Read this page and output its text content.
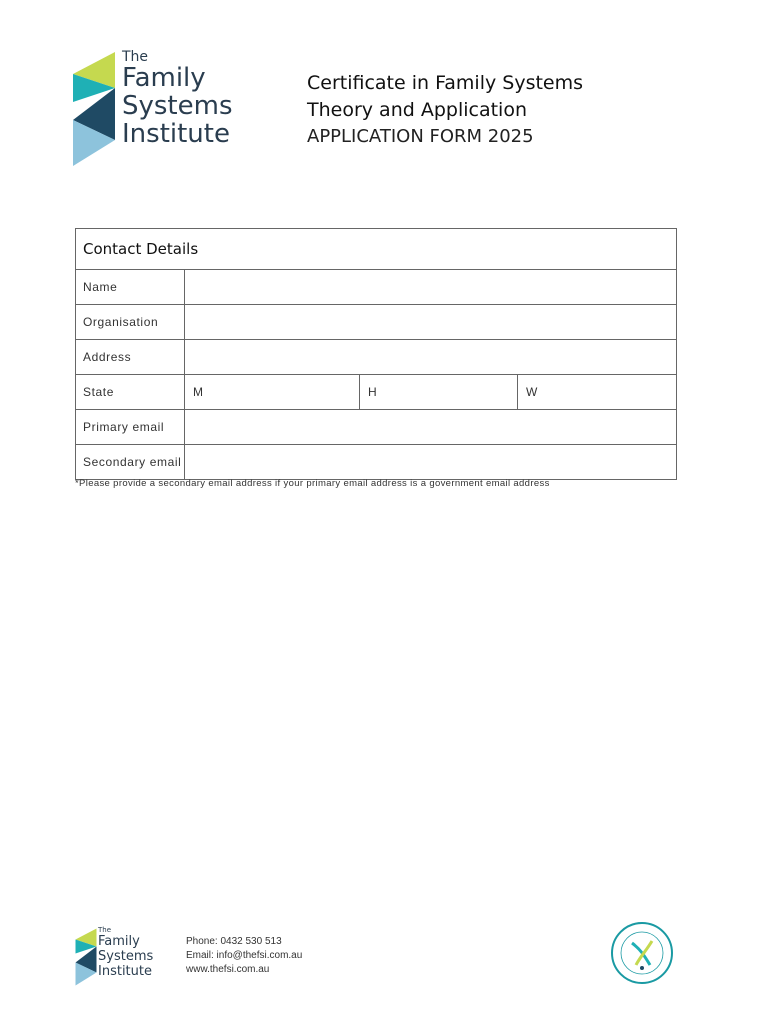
The
Family
Systems
Institute
Certificate in Family Systems
Theory and Application
APPLICATION FORM 2025
Contact Details
Name
Organisation
Address
State	M	H	W
Primary email
Secondary email
*Please provide a secondary email address if your primary email address is a government email address
The
Family
Systems
Institute
Phone: 0432 530 513
Email: info@thefsi.com.au
www.thefsi.com.au
